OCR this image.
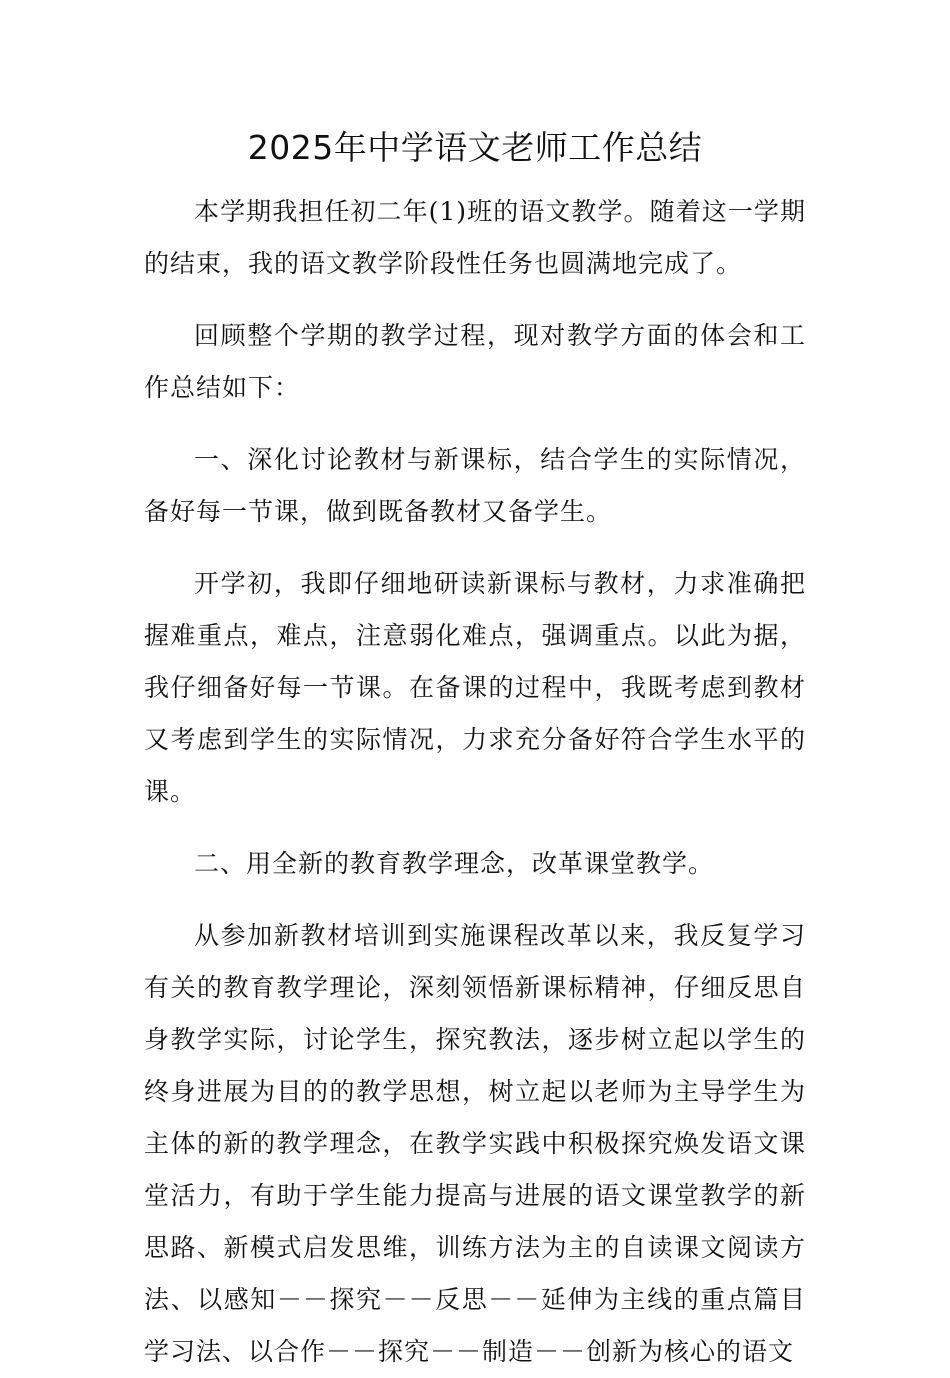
2025年中学语文老师工作总结

本学期我担任初二年(1)班的语文教学。随着这一学期的结束，我的语文教学阶段性任务也圆满地完成了。

回顾整个学期的教学过程，现对教学方面的体会和工作总结如下：

一、深化讨论教材与新课标，结合学生的实际情况，备好每一节课，做到既备教材又备学生。

开学初，我即仔细地研读新课标与教材，力求准确把握难重点，难点，注意弱化难点，强调重点。以此为据，我仔细备好每一节课。在备课的过程中，我既考虑到教材又考虑到学生的实际情况，力求充分备好符合学生水平的课。

二、用全新的教育教学理念，改革课堂教学。

从参加新教材培训到实施课程改革以来，我反复学习有关的教育教学理论，深刻领悟新课标精神，仔细反思自身教学实际，讨论学生，探究教法，逐步树立起以学生的终身进展为目的的教学思想，树立起以老师为主导学生为主体的新的教学理念，在教学实践中积极探究焕发语文课堂活力，有助于学生能力提高与进展的语文课堂教学的新思路、新模式启发思维，训练方法为主的自读课文阅读方法、以感知－－探究－－反思－－延伸为主线的重点篇目学习法、以合作－－探究－－制造－－创新为核心的语文
